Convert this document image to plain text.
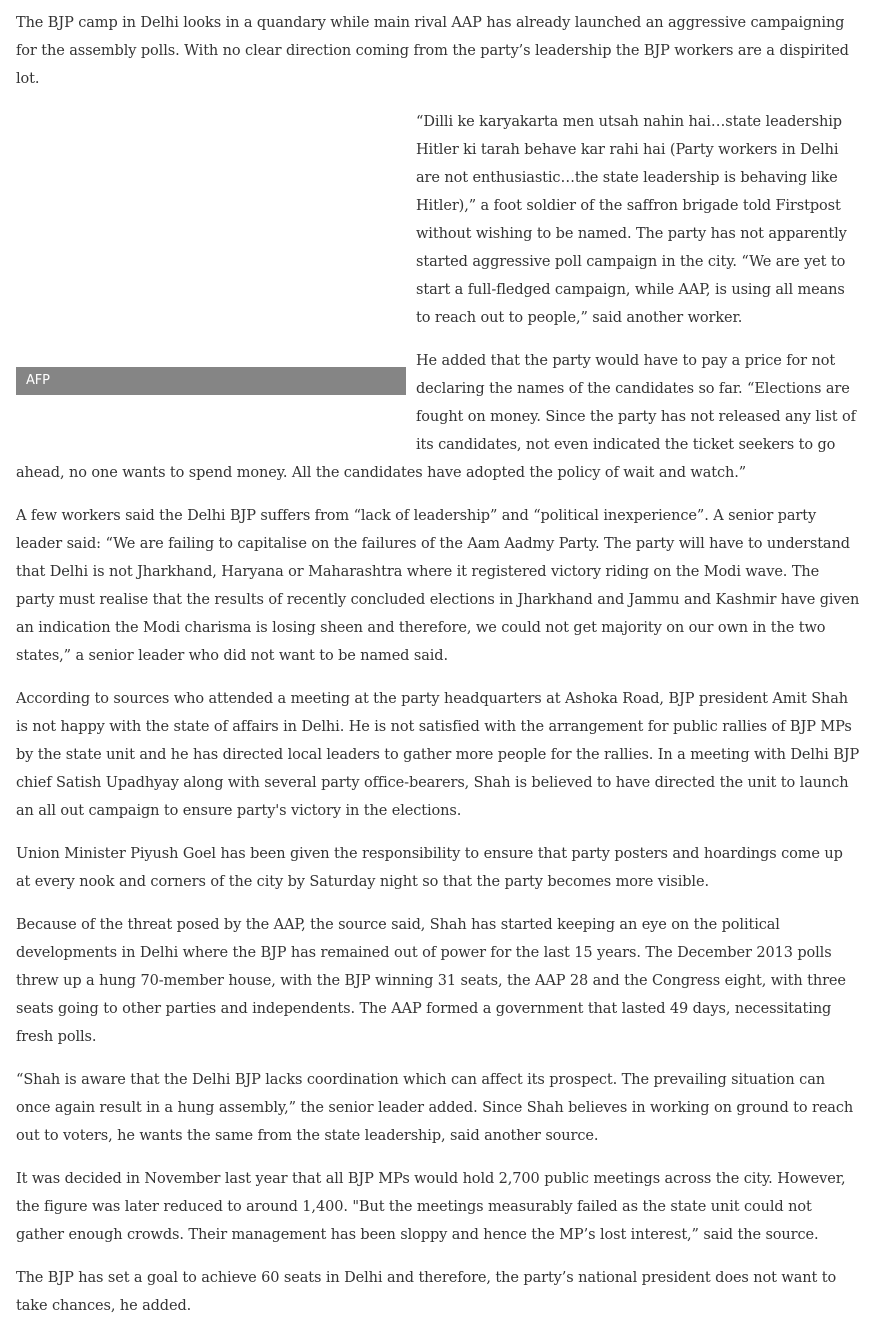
The BJP camp in Delhi looks in a quandary while main rival AAP has already launched an aggressive campaigning for the assembly polls. With no clear direction coming from the party’s leadership the BJP workers are a dispirited lot.

AFP

“Dilli ke karyakarta men utsah nahin hai…state leadership Hitler ki tarah behave kar rahi hai (Party workers in Delhi are not enthusiastic…the state leadership is behaving like Hitler),” a foot soldier of the saffron brigade told Firstpost without wishing to be named. The party has not apparently started aggressive poll campaign in the city. “We are yet to start a full-fledged campaign, while AAP, is using all means to reach out to people,” said another worker.

He added that the party would have to pay a price for not declaring the names of the candidates so far. “Elections are fought on money. Since the party has not released any list of its candidates, not even indicated the ticket seekers to go ahead, no one wants to spend money. All the candidates have adopted the policy of wait and watch.”

A few workers said the Delhi BJP suffers from “lack of leadership” and “political inexperience”. A senior party leader said: “We are failing to capitalise on the failures of the Aam Aadmy Party. The party will have to understand that Delhi is not Jharkhand, Haryana or Maharashtra where it registered victory riding on the Modi wave. The party must realise that the results of recently concluded elections in Jharkhand and Jammu and Kashmir have given an indication the Modi charisma is losing sheen and therefore, we could not get majority on our own in the two states,” a senior leader who did not want to be named said.

According to sources who attended a meeting at the party headquarters at Ashoka Road, BJP president Amit Shah is not happy with the state of affairs in Delhi. He is not satisfied with the arrangement for public rallies of BJP MPs by the state unit and he has directed local leaders to gather more people for the rallies. In a meeting with Delhi BJP chief Satish Upadhyay along with several party office-bearers, Shah is believed to have directed the unit to launch an all out campaign to ensure party's victory in the elections.

Union Minister Piyush Goel has been given the responsibility to ensure that party posters and hoardings come up at every nook and corners of the city by Saturday night so that the party becomes more visible.

Because of the threat posed by the AAP, the source said, Shah has started keeping an eye on the political developments in Delhi where the BJP has remained out of power for the last 15 years. The December 2013 polls threw up a hung 70-member house, with the BJP winning 31 seats, the AAP 28 and the Congress eight, with three seats going to other parties and independents. The AAP formed a government that lasted 49 days, necessitating fresh polls.

“Shah is aware that the Delhi BJP lacks coordination which can affect its prospect. The prevailing situation can once again result in a hung assembly,” the senior leader added. Since Shah believes in working on ground to reach out to voters, he wants the same from the state leadership, said another source.

It was decided in November last year that all BJP MPs would hold 2,700 public meetings across the city. However, the figure was later reduced to around 1,400. "But the meetings measurably failed as the state unit could not gather enough crowds. Their management has been sloppy and hence the MP’s lost interest,” said the source.

The BJP has set a goal to achieve 60 seats in Delhi and therefore, the party’s national president does not want to take chances, he added.
